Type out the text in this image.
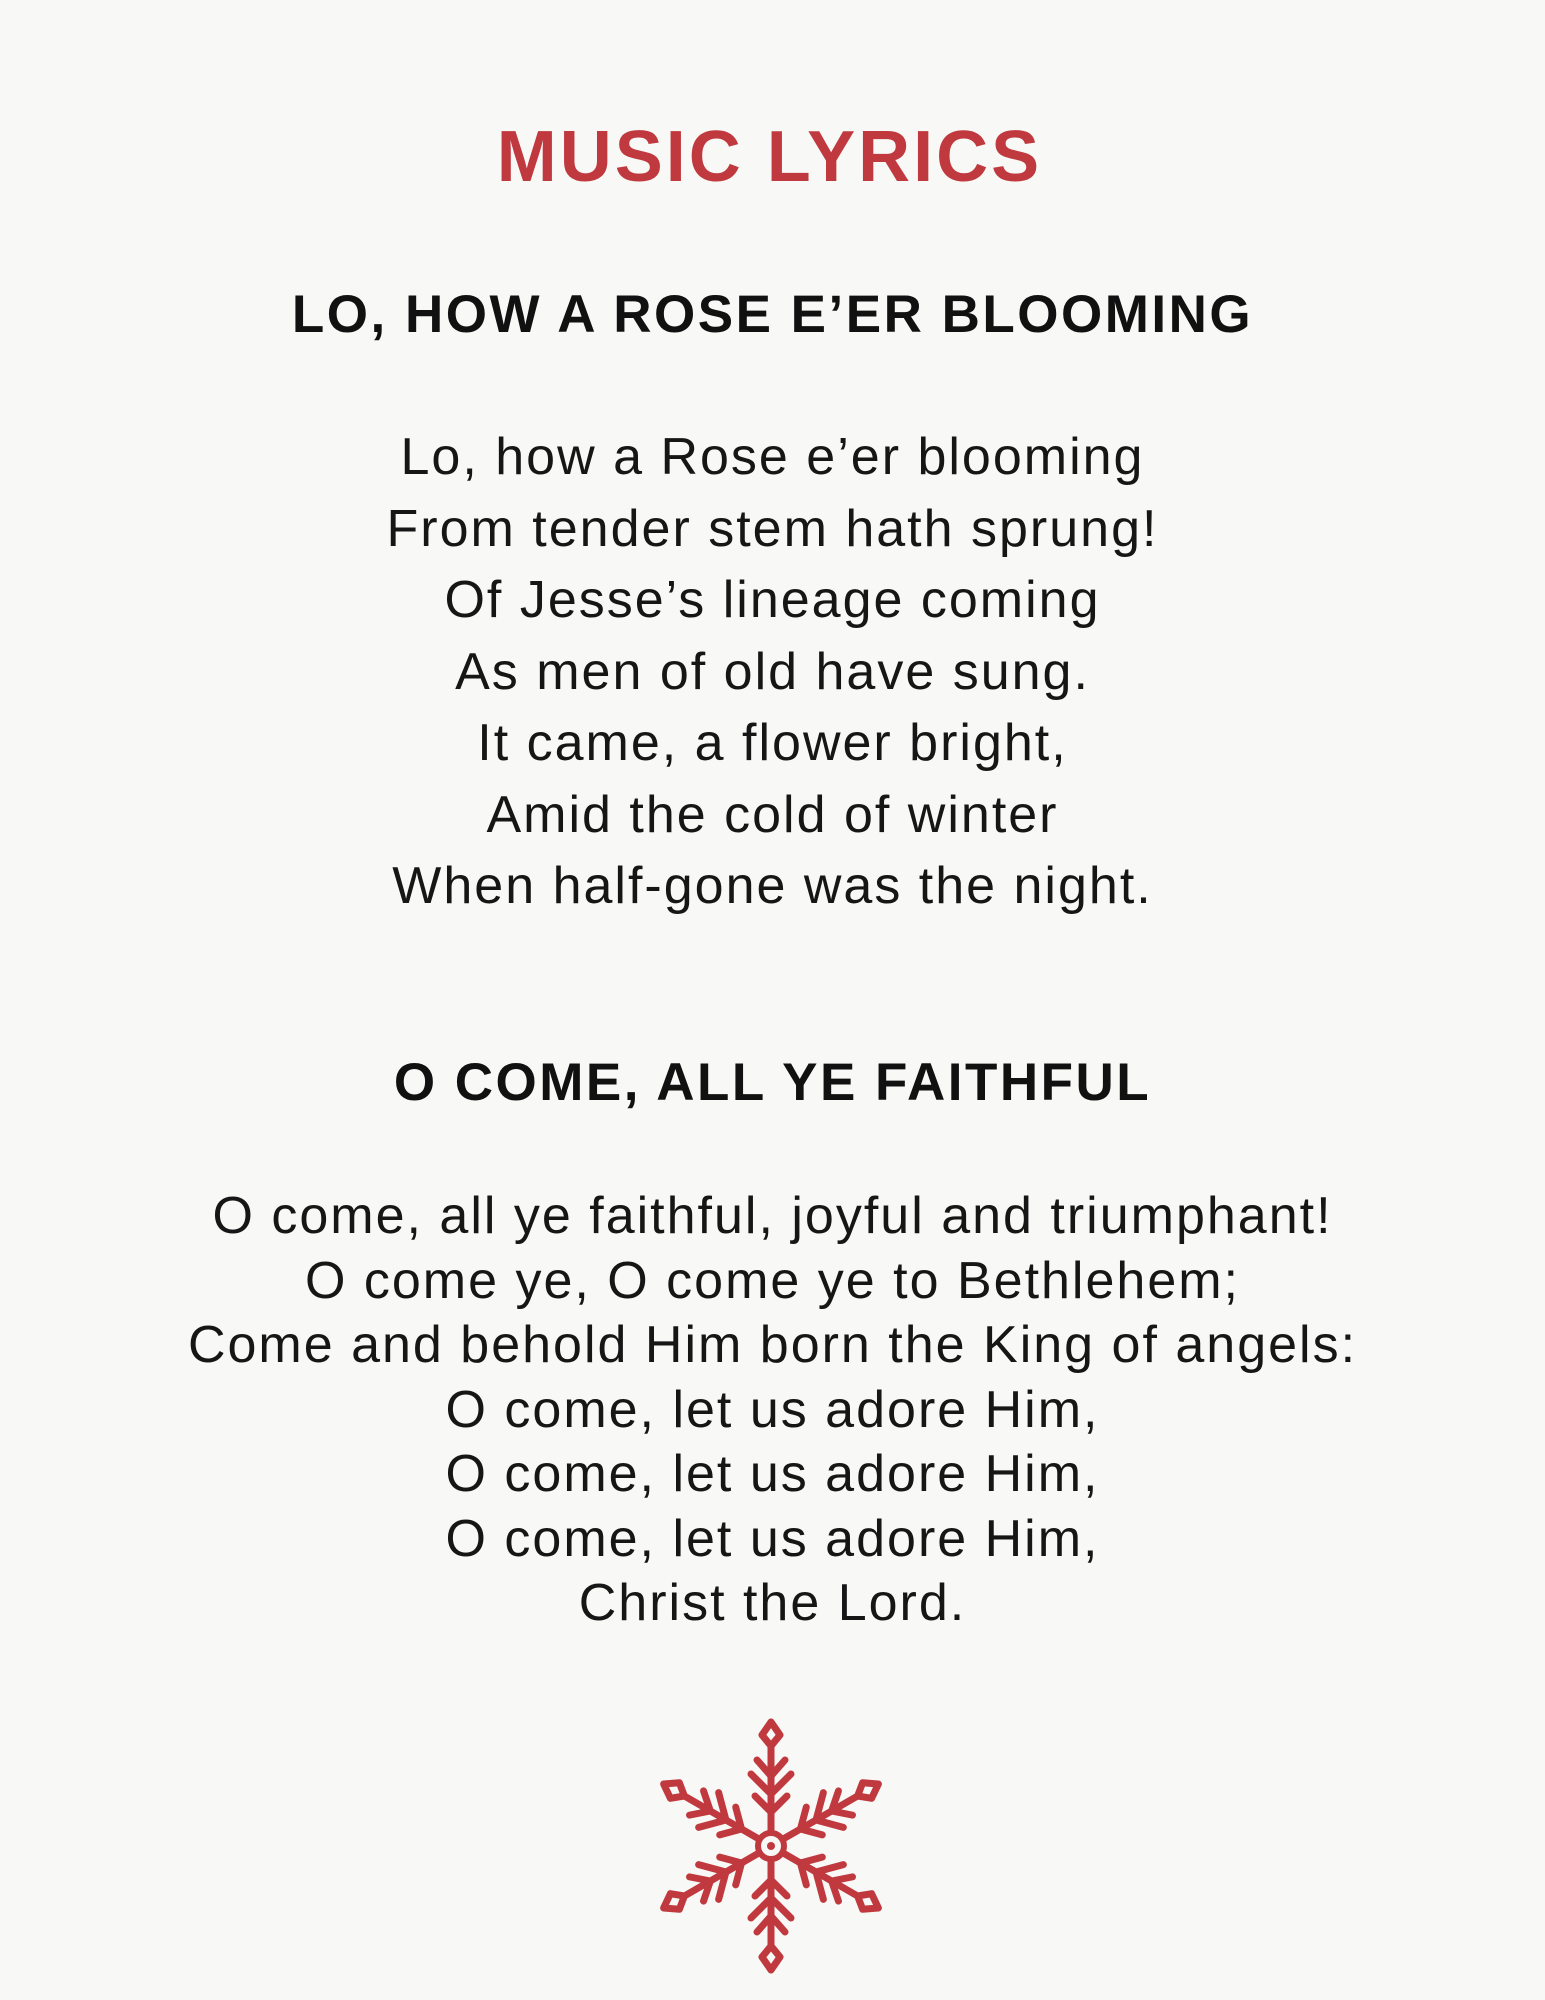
MUSIC LYRICS
LO, HOW A ROSE E’ER BLOOMING
Lo, how a Rose e’er blooming
From tender stem hath sprung!
Of Jesse’s lineage coming
As men of old have sung.
It came, a flower bright,
Amid the cold of winter
When half-gone was the night.
O COME, ALL YE FAITHFUL
O come, all ye faithful, joyful and triumphant!
O come ye, O come ye to Bethlehem;
Come and behold Him born the King of angels:
O come, let us adore Him,
O come, let us adore Him,
O come, let us adore Him,
Christ the Lord.
